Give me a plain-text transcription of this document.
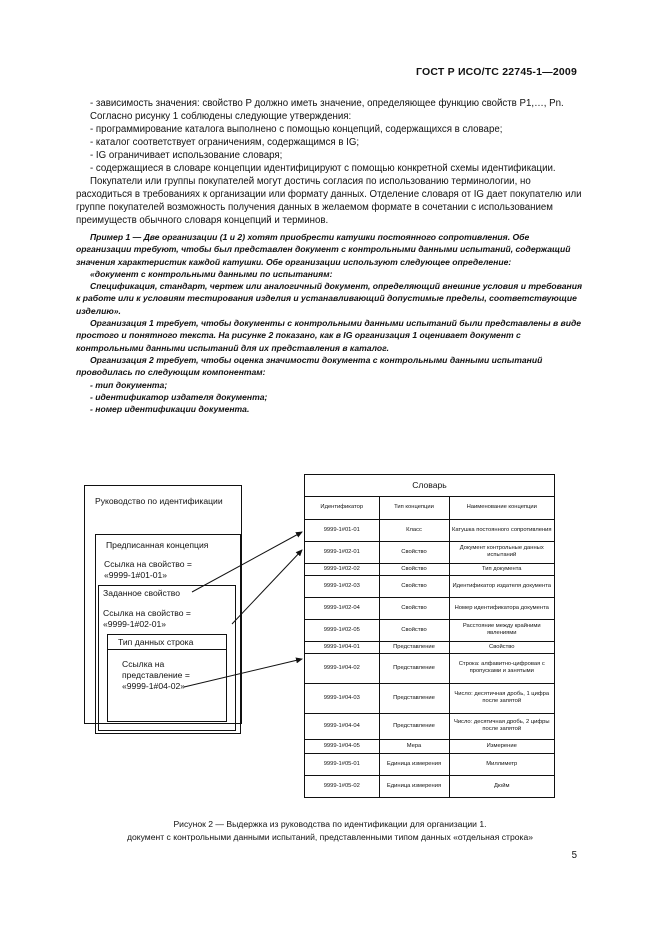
ГОСТ Р ИСО/ТС 22745-1—2009

- зависимость значения: свойство P должно иметь значение, определяющее функцию свойств P1,…, Pn.

Согласно рисунку 1 соблюдены следующие утверждения:

- программирование каталога выполнено с помощью концепций, содержащихся в словаре;

- каталог соответствует ограничениям, содержащимся в IG;

- IG ограничивает использование словаря;

- содержащиеся в словаре концепции идентифицируют с помощью конкретной схемы идентификации.

Покупатели или группы покупателей могут достичь согласия по использованию терминологии, но расходиться в требованиях к организации или формату данных. Отделение словаря от IG дает покупателю или группе покупателей возможность получения данных в желаемом формате в сочетании с использованием преимуществ обычного словаря концепций и терминов.

Пример 1 — Две организации (1 и 2) хотят приобрести катушки постоянного сопротивления. Обе организации требуют, чтобы был представлен документ с контрольными данными испытаний, содержащий значения характеристик каждой катушки. Обе организации используют следующее определение:

«документ с контрольными данными по испытаниям:

Спецификация, стандарт, чертеж или аналогичный документ, определяющий внешние условия и требования к работе или к условиям тестирования изделия и устанавливающий допустимые пределы, соответствующие изделию».

Организация 1 требует, чтобы документы с контрольными данными испытаний были представлены в виде простого и понятного текста. На рисунке 2 показано, как в IG организация 1 оценивает документ с контрольными данными испытаний для их представления в каталог.

Организация 2 требует, чтобы оценка значимости документа с контрольными данными испытаний проводилась по следующим компонентам:

- тип документа;

- идентификатор издателя документа;

- номер идентификации документа.

Руководство по идентификации
Предписанная концепция
Ссылка на свойство =
«9999-1#01-01»
Заданное свойство
Ссылка на свойство =
«9999-1#02-01»
Тип данных строка
Ссылка на
представление =
«9999-1#04-02»
Словарь
Идентификатор	Тип концепции	Наименование концепции
9999-1#01-01	Класс	Катушка постоянного сопротивления
9999-1#02-01	Свойство	Документ контрольные данных испытаний
9999-1#02-02	Свойство	Тип документа
9999-1#02-03	Свойство	Идентификатор издателя документа
9999-1#02-04	Свойство	Номер идентификатора документа
9999-1#02-05	Свойство	Расстояние между крайними явлениями
9999-1#04-01	Представление	Свойство
9999-1#04-02	Представление	Строка: алфавитно-цифровая с пропусками и занятыми
9999-1#04-03	Представление	Число: десятичная дробь, 1 цифра после запятой
9999-1#04-04	Представление	Число: десятичная дробь, 2 цифры после запятой
9999-1#04-05	Мера	Измерение
9999-1#05-01	Единица измерения	Миллиметр
9999-1#05-02	Единица измерения	Дюйм
Рисунок 2 — Выдержка из руководства по идентификации для организации 1.
документ с контрольными данными испытаний, представленными типом данных «отдельная строка»
5
